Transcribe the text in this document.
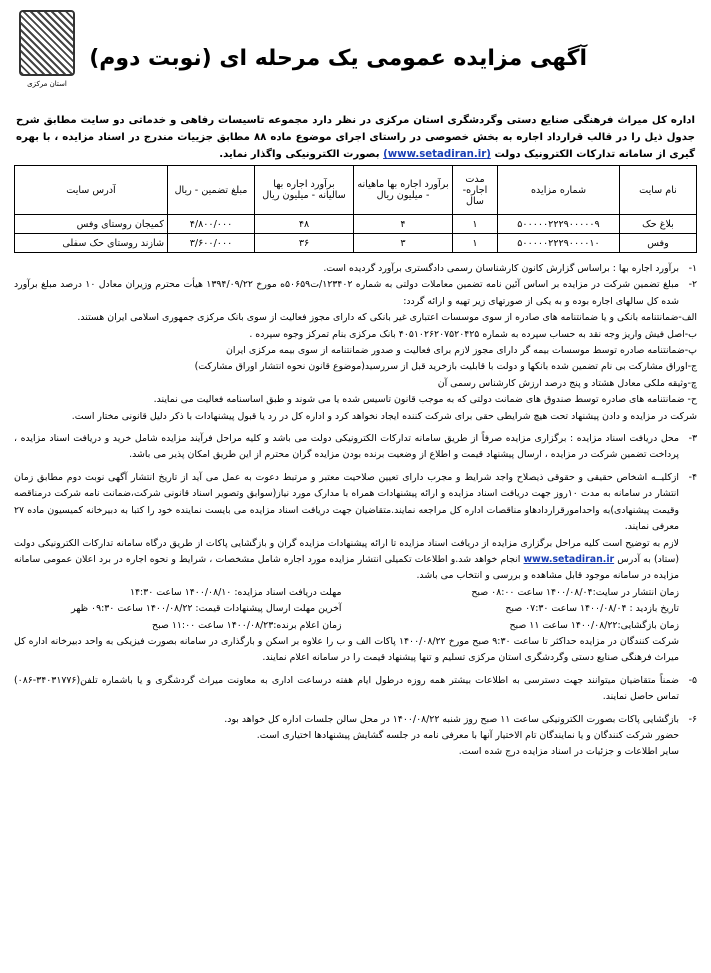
استان مرکزی
آگهی مزایده عمومی یک مرحله ای (نوبت دوم)
اداره کل میراث فرهنگی صنایع دستی وگردشگری استان مرکزی در نظر دارد مجموعه تاسیسات رفاهی و خدماتی دو سایت مطابق شرح جدول ذیل را در قالب قرارداد اجاره به بخش خصوصی در راستای اجرای موضوع ماده ۸۸ مطابق جزییات مندرج در اسناد مزایده ، با بهره گیری از سامانه تدارکات الکترونیک دولت (www.setadiran.ir) بصورت الکترونیکی واگذار نماید.
نام سایت	شماره مزایده	مدت اجاره- سال	برآورد اجاره بها ماهیانه - میلیون ریال	برآورد اجاره بها سالیانه - میلیون ریال	مبلغ تضمین - ریال	آدرس سایت
بلاغ حک	۵۰۰۰۰۰۲۲۲۹۰۰۰۰۰۹	۱	۴	۴۸	۴/۸۰۰/۰۰۰	کمیجان روستای وفس
وفس	۵۰۰۰۰۰۲۲۲۹۰۰۰۰۱۰	۱	۳	۳۶	۳/۶۰۰/۰۰۰	شازند روستای حک سفلی
۱-
برآورد اجاره بها : براساس گزارش کانون کارشناسان رسمی دادگستری برآورد گردیده است.
۲-
مبلغ تضمین شرکت در مزایده بر اساس آئین نامه تضمین معاملات دولتی به شماره ۱۲۳۴۰۲/ت۵۰۶۵۹ه مورخ ۱۳۹۴/۰۹/۲۲ هیأت محترم وزیران معادل ۱۰ درصد مبلغ برآورد شده کل سالهای اجاره بوده و به یکی از صورتهای زیر تهیه و ارائه گردد:
الف-ضمانتنامه بانکی و یا ضمانتنامه های صادره از سوی موسسات اعتباری غیر بانکی که دارای مجوز فعالیت از سوی بانک مرکزی جمهوری اسلامی ایران هستند.
ب-اصل فیش واریز وجه نقد به حساب سپرده به شماره ۴۰۵۱۰۲۶۲۰۷۵۲۰۴۲۵ بانک مرکزی بنام تمرکز وجوه سپرده .
پ-ضمانتنامه صادره توسط موسسات بیمه گر دارای مجوز لازم برای فعالیت و صدور ضمانتنامه از سوی بیمه مرکزی ایران
ج-اوراق مشارکت بی نام تضمین شده بانکها و دولت با قابلیت بازخرید قبل از سررسید(موضوع قانون نحوه انتشار اوراق مشارکت)
چ-وثیقه ملکی معادل هشتاد و پنج درصد ارزش کارشناس رسمی آن
ح- ضمانتنامه های صادره توسط صندوق های ضمانت دولتی که به موجب قانون تاسیس شده یا می شوند و طبق اساسنامه فعالیت می نمایند.
شرکت در مزایده و دادن پیشنهاد تحت هیچ شرایطی حقی برای شرکت کننده ایجاد نخواهد کرد و اداره کل در رد یا قبول پیشنهادات با ذکر دلیل قانونی مختار است.
۳-
محل دریافت اسناد مزایده : برگزاری مزایده صرفاً از طریق سامانه تدارکات الکترونیکی دولت می باشد و کلیه مراحل فرآیند مزایده شامل خرید و دریافت اسناد مزایده ، پرداخت تضمین شرکت در مزایده ، ارسال پیشنهاد قیمت و اطلاع از وضعیت برنده بودن مزایده گران محترم از این طریق امکان پذیر می باشد.
۴-
ازکلیــه اشخاص حقیقی و حقوقی ذیصلاح واجد شرایط و مجرب دارای تعیین صلاحیت معتبر و مرتبط دعوت به عمل می آید از تاریخ انتشار آگهی نوبت دوم مطابق زمان انتشار در سامانه به مدت ۱۰روز جهت دریافت اسناد مزایده و ارائه پیشنهادات همراه با مدارک مورد نیاز(سوابق وتصویر اسناد قانونی شرکت،ضمانت نامه شرکت درمناقصه وقیمت پیشنهادی)به واحدامورقراردادهاو مناقصات اداره کل مراجعه نمایند.متقاضیان جهت دریافت اسناد مزایده می بایست نماینده خود را کتبا به دبیرخانه کمیسیون ماده ۲۷ معرفی نمایند.
لازم به توضیح است کلیه مراحل برگزاری مزایده از دریافت اسناد مزایده تا ارائه پیشنهادات مزایده گران و بازگشایی پاکات از طریق درگاه سامانه تدارکات الکترونیکی دولت (ستاد) به آدرس www.setadiran.ir انجام خواهد شد.و اطلاعات تکمیلی انتشار مزایده مورد اجاره شامل مشخصات ، شرایط و نحوه اجاره در برد اعلان عمومی سامانه مزایده در سامانه موجود قابل مشاهده و بررسی و انتخاب می باشد.
زمان انتشار در سایت:۱۴۰۰/۰۸/۰۴ ساعت ۰۸:۰۰ صبح
مهلت دریافت اسناد مزایده: ۱۴۰۰/۰۸/۱۰ ساعت ۱۴:۳۰
تاریخ بازدید : ۱۴۰۰/۰۸/۰۴ ساعت ۰۷:۳۰ صبح
آخرین مهلت ارسال پیشنهادات قیمت: ۱۴۰۰/۰۸/۲۲ ساعت ۰۹:۳۰ ظهر
زمان بازگشایی:۱۴۰۰/۰۸/۲۲ ساعت ۱۱ صبح
زمان اعلام برنده:۱۴۰۰/۰۸/۲۳ ساعت ۱۱:۰۰ صبح
شرکت کنندگان در مزایده حداکثر تا ساعت ۹:۳۰ صبح مورخ ۱۴۰۰/۰۸/۲۲ پاکات الف و ب را علاوه بر اسکن و بارگذاری در سامانه بصورت فیزیکی به واحد دبیرخانه اداره کل میراث فرهنگی صنایع دستی وگردشگری استان مرکزی تسلیم و تنها پیشنهاد قیمت را در سامانه اعلام نمایند.
۵-
ضمناً متقاضیان میتوانند جهت دسترسی به اطلاعات بیشتر همه روزه درطول ایام هفته درساعت اداری به معاونت میراث گردشگری و یا باشماره تلفن(۳۴۰۳۱۷۷۶-۰۸۶) تماس حاصل نمایند.
۶-
بازگشایی پاکات بصورت الکترونیکی ساعت ۱۱ صبح روز شنبه ۱۴۰۰/۰۸/۲۲ در محل سالن جلسات اداره کل خواهد بود.
حضور شرکت کنندگان و یا نمایندگان تام الاختیار آنها با معرفی نامه در جلسه گشایش پیشنهادها اختیاری است.
سایر اطلاعات و جزئیات در اسناد مزایده درج شده است.
